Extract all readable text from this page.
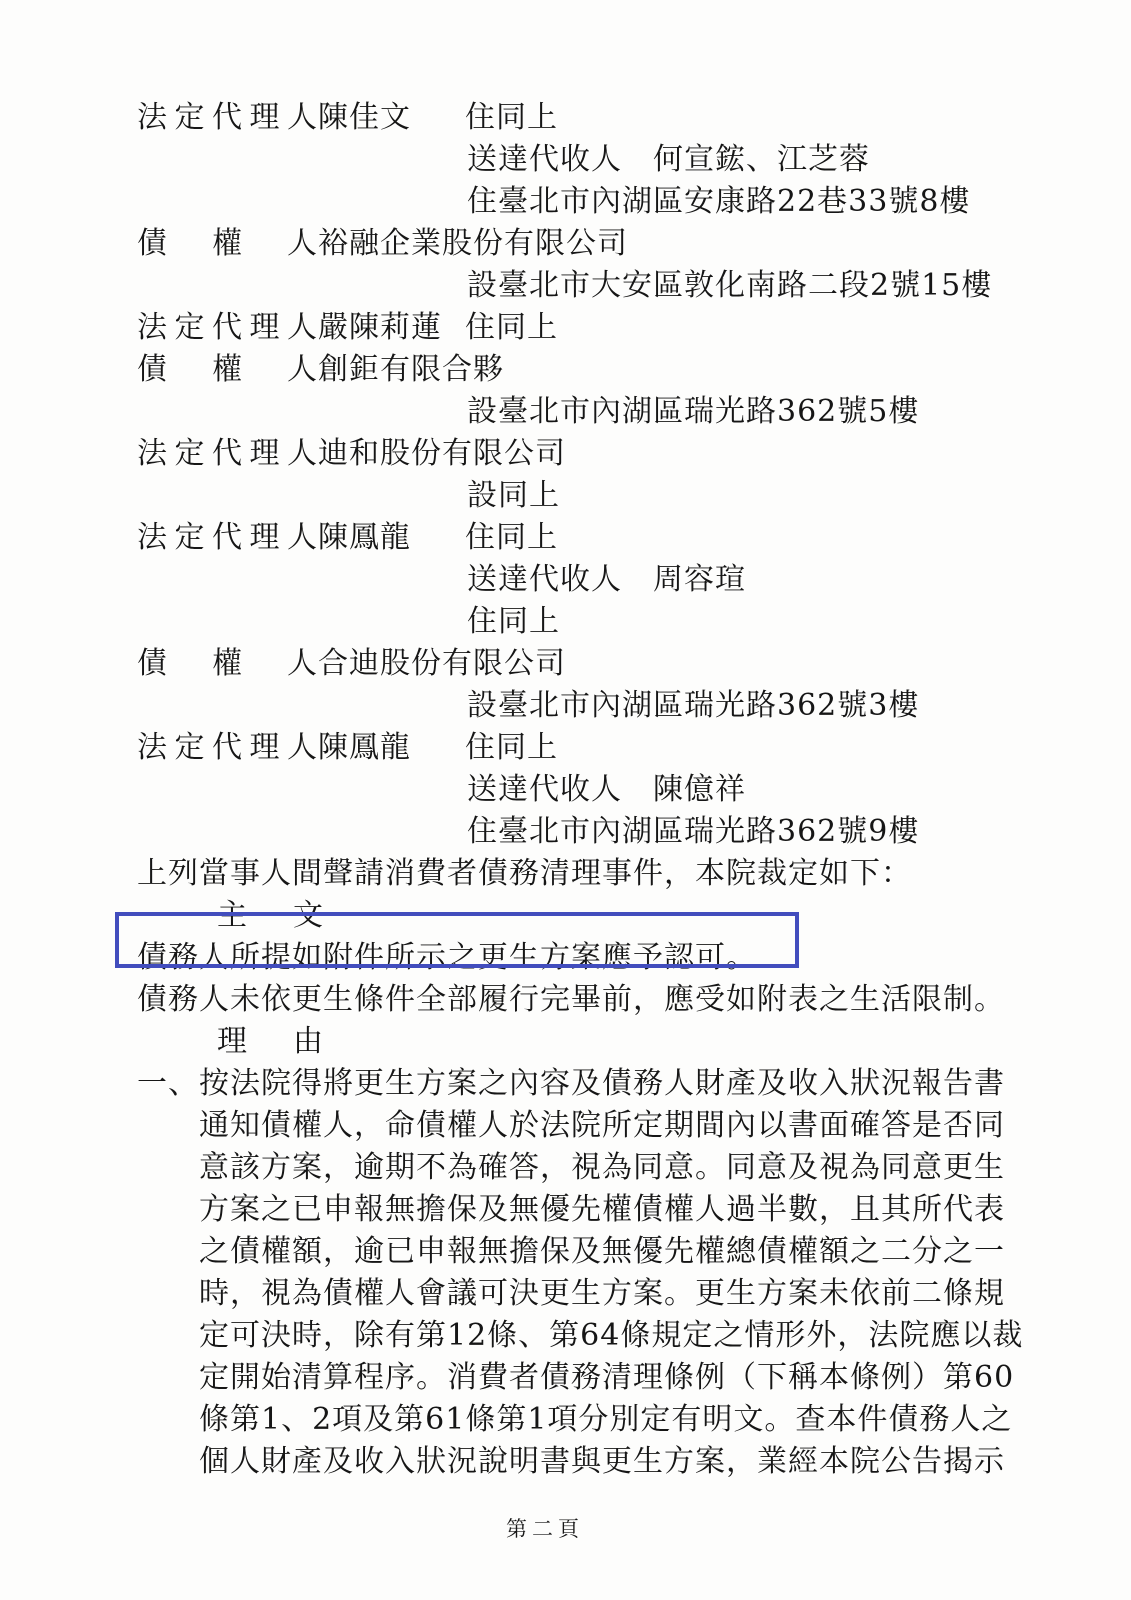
法定代理人陳佳文 住同上
送達代收人　何宣鋐、江芝蓉
住臺北市內湖區安康路22巷33號8樓
債權人裕融企業股份有限公司
設臺北市大安區敦化南路二段2號15樓
法定代理人嚴陳莉蓮 住同上
債權人創鉅有限合夥
設臺北市內湖區瑞光路362號5樓
法定代理人迪和股份有限公司
設同上
法定代理人陳鳳龍 住同上
送達代收人　周容瑄
住同上
債權人合迪股份有限公司
設臺北市內湖區瑞光路362號3樓
法定代理人陳鳳龍 住同上
送達代收人　陳億祥
住臺北市內湖區瑞光路362號9樓
上列當事人間聲請消費者債務清理事件，本院裁定如下：
主　文
債務人所提如附件所示之更生方案應予認可。
債務人未依更生條件全部履行完畢前，應受如附表之生活限制。
理　由
一、按法院得將更生方案之內容及債務人財產及收入狀況報告書
通知債權人，命債權人於法院所定期間內以書面確答是否同
意該方案，逾期不為確答，視為同意。同意及視為同意更生
方案之已申報無擔保及無優先權債權人過半數，且其所代表
之債權額，逾已申報無擔保及無優先權總債權額之二分之一
時，視為債權人會議可決更生方案。更生方案未依前二條規
定可決時，除有第12條、第64條規定之情形外，法院應以裁
定開始清算程序。消費者債務清理條例（下稱本條例）第60
條第1、2項及第61條第1項分別定有明文。查本件債務人之
個人財產及收入狀況說明書與更生方案，業經本院公告揭示
第二頁
